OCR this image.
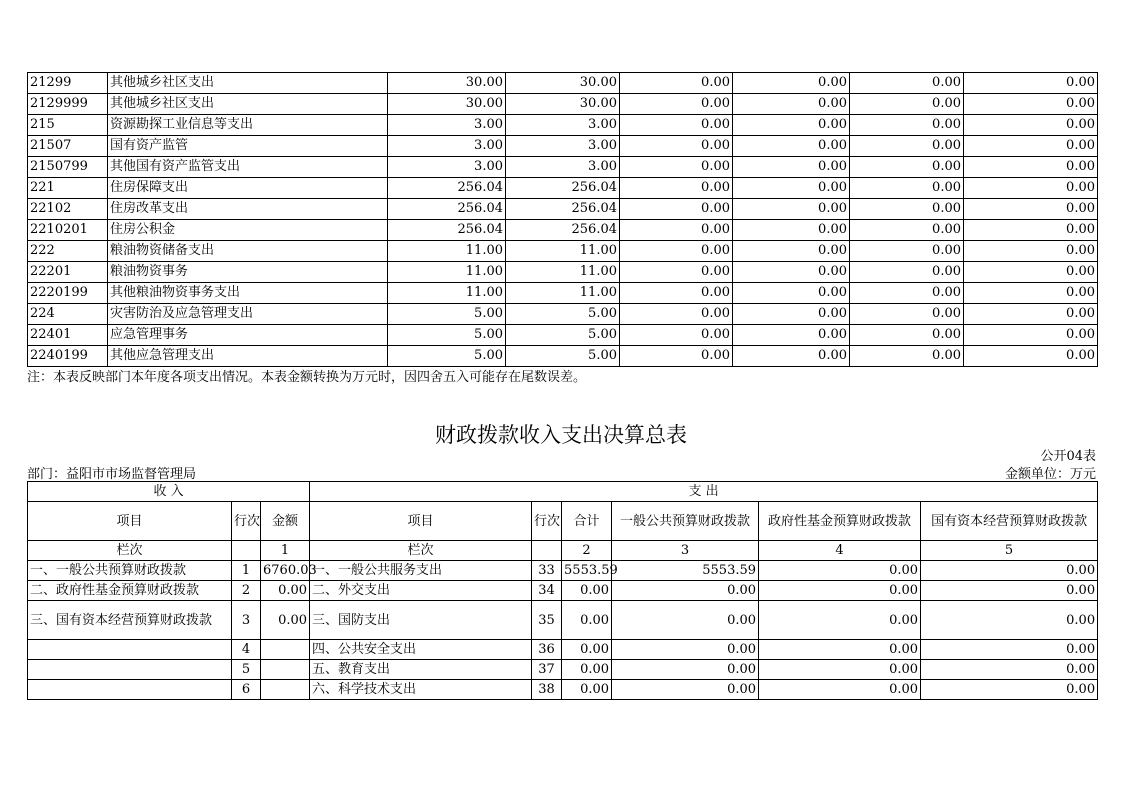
21299	其他城乡社区支出	30.00	30.00	0.00	0.00	0.00	0.00
2129999	其他城乡社区支出	30.00	30.00	0.00	0.00	0.00	0.00
215	资源勘探工业信息等支出	3.00	3.00	0.00	0.00	0.00	0.00
21507	国有资产监管	3.00	3.00	0.00	0.00	0.00	0.00
2150799	其他国有资产监管支出	3.00	3.00	0.00	0.00	0.00	0.00
221	住房保障支出	256.04	256.04	0.00	0.00	0.00	0.00
22102	住房改革支出	256.04	256.04	0.00	0.00	0.00	0.00
2210201	住房公积金	256.04	256.04	0.00	0.00	0.00	0.00
222	粮油物资储备支出	11.00	11.00	0.00	0.00	0.00	0.00
22201	粮油物资事务	11.00	11.00	0.00	0.00	0.00	0.00
2220199	其他粮油物资事务支出	11.00	11.00	0.00	0.00	0.00	0.00
224	灾害防治及应急管理支出	5.00	5.00	0.00	0.00	0.00	0.00
22401	应急管理事务	5.00	5.00	0.00	0.00	0.00	0.00
2240199	其他应急管理支出	5.00	5.00	0.00	0.00	0.00	0.00
注：本表反映部门本年度各项支出情况。本表金额转换为万元时，因四舍五入可能存在尾数误差。
财政拨款收入支出决算总表
公开04表
部门：益阳市市场监督管理局	金额单位：万元
收 入			支 出					
项目	行次	金额	项目	行次	合计	一般公共预算财政拨款	政府性基金预算财政拨款	国有资本经营预算财政拨款
栏次		1	栏次		2	3	4	5
一、一般公共预算财政拨款	1	6760.03	一、一般公共服务支出	33	5553.59	5553.59	0.00	0.00
二、政府性基金预算财政拨款	2	0.00	二、外交支出	34	0.00	0.00	0.00	0.00
三、国有资本经营预算财政拨款	3	0.00	三、国防支出	35	0.00	0.00	0.00	0.00
	4		四、公共安全支出	36	0.00	0.00	0.00	0.00
	5		五、教育支出	37	0.00	0.00	0.00	0.00
	6		六、科学技术支出	38	0.00	0.00	0.00	0.00
